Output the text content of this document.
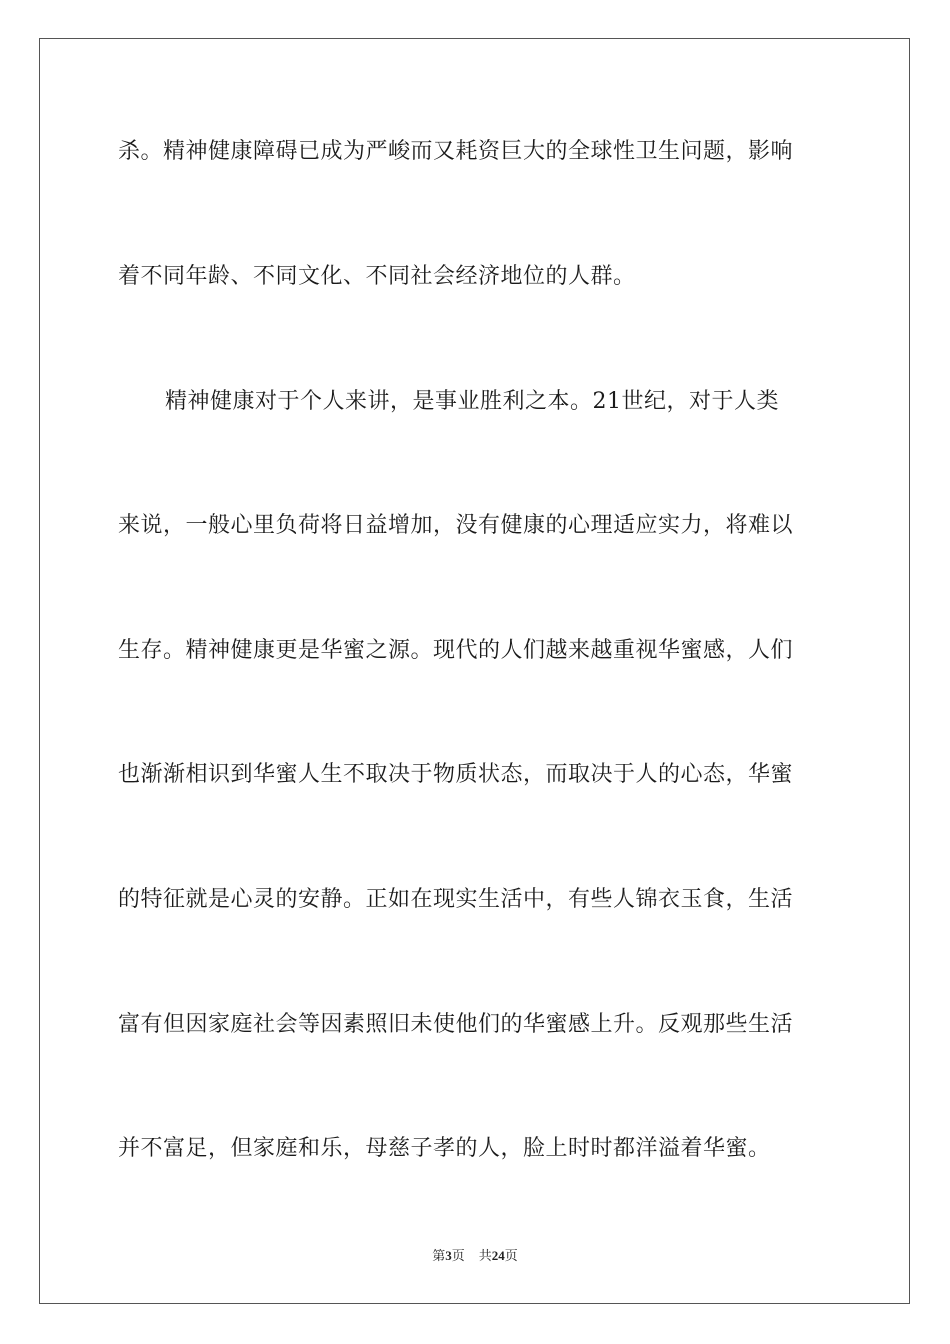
杀。精神健康障碍已成为严峻而又耗资巨大的全球性卫生问题，影响
着不同年龄、不同文化、不同社会经济地位的人群。
精神健康对于个人来讲，是事业胜利之本。21世纪，对于人类
来说，一般心里负荷将日益增加，没有健康的心理适应实力，将难以
生存。精神健康更是华蜜之源。现代的人们越来越重视华蜜感，人们
也渐渐相识到华蜜人生不取决于物质状态，而取决于人的心态，华蜜
的特征就是心灵的安静。正如在现实生活中，有些人锦衣玉食，生活
富有但因家庭社会等因素照旧未使他们的华蜜感上升。反观那些生活
并不富足，但家庭和乐，母慈子孝的人，脸上时时都洋溢着华蜜。
第3页 共24页
